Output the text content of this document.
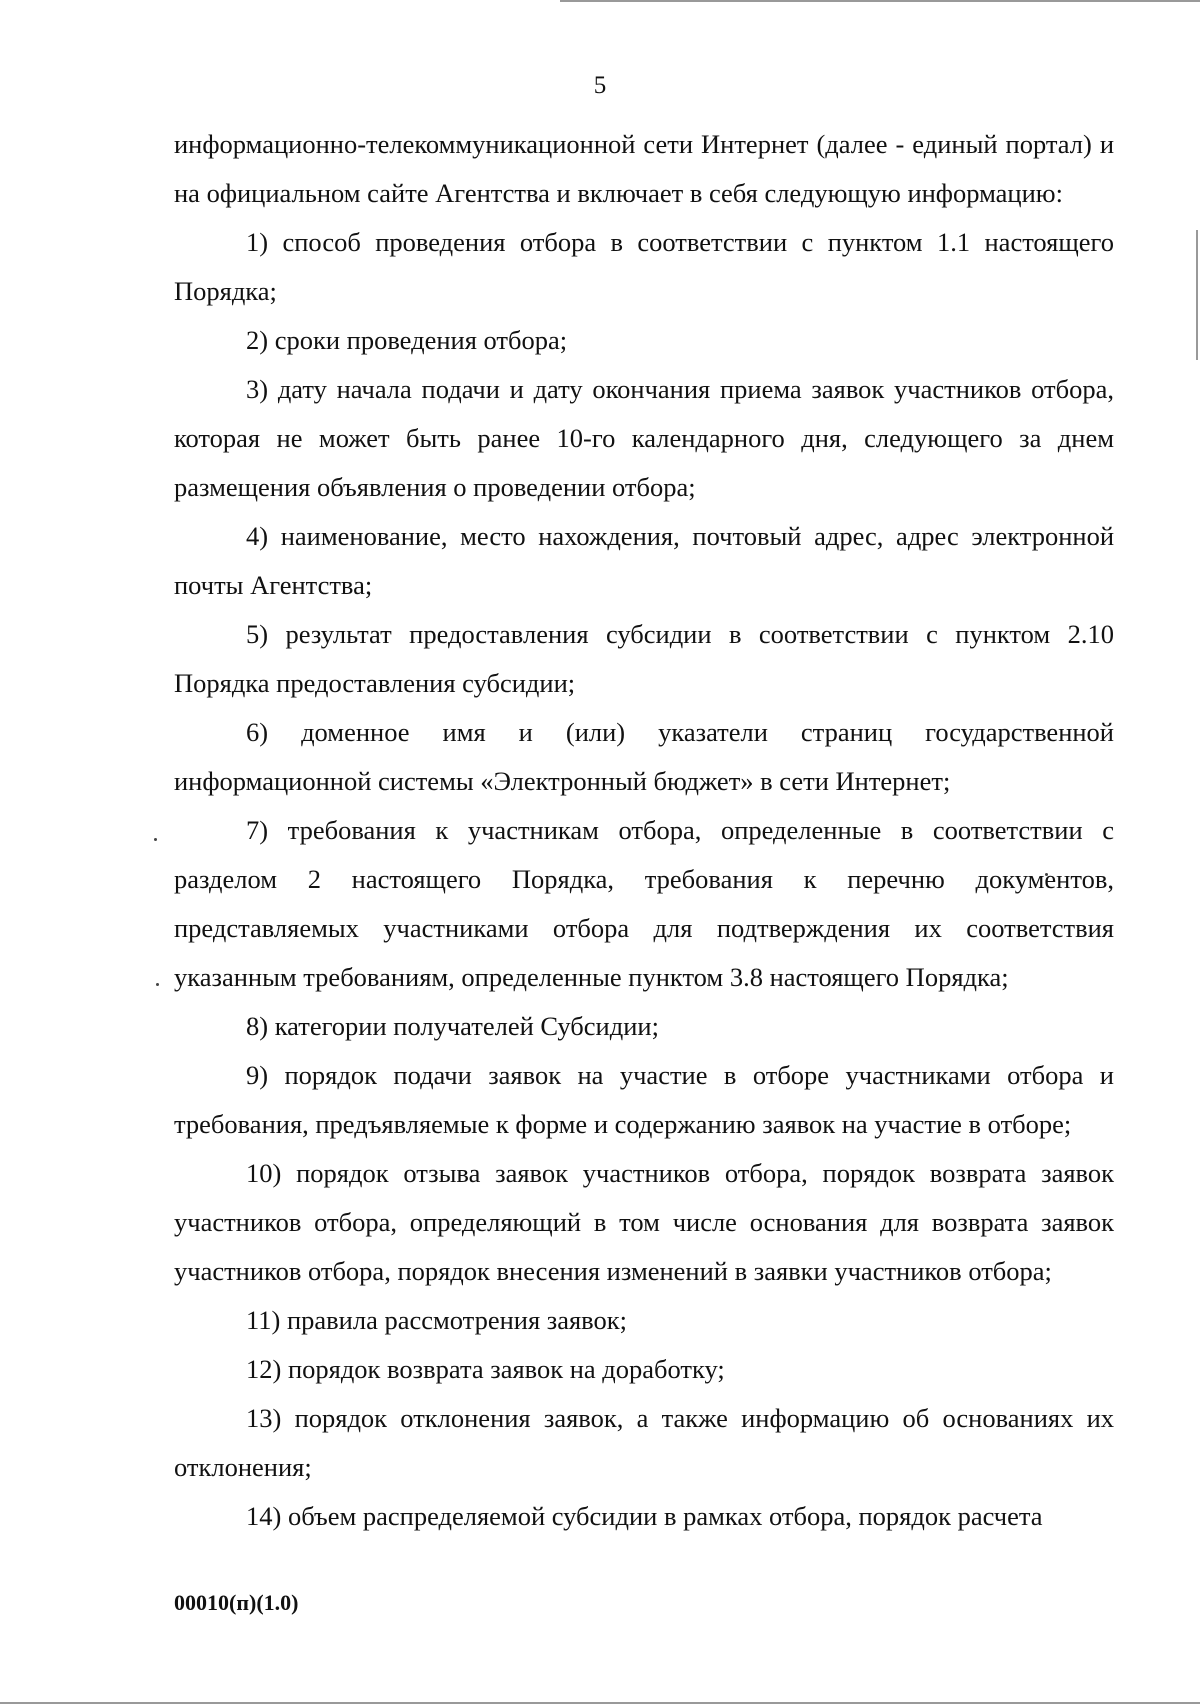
5

информационно-телекоммуникационной сети Интернет (далее - единый портал) и на официальном сайте Агентства и включает в себя следующую информацию:

1) способ проведения отбора в соответствии с пунктом 1.1 настоящего Порядка;

2) сроки проведения отбора;

3) дату начала подачи и дату окончания приема заявок участников отбора, которая не может быть ранее 10-го календарного дня, следующего за днем размещения объявления о проведении отбора;

4) наименование, место нахождения, почтовый адрес, адрес электронной почты Агентства;

5) результат предоставления субсидии в соответствии с пунктом 2.10 Порядка предоставления субсидии;

6) доменное имя и (или) указатели страниц государственной информационной системы «Электронный бюджет» в сети Интернет;

7) требования к участникам отбора, определенные в соответствии с разделом 2 настоящего Порядка, требования к перечню документов, представляемых участниками отбора для подтверждения их соответствия указанным требованиям, определенные пунктом 3.8 настоящего Порядка;

8) категории получателей Субсидии;

9) порядок подачи заявок на участие в отборе участниками отбора и требования, предъявляемые к форме и содержанию заявок на участие в отборе;

10) порядок отзыва заявок участников отбора, порядок возврата заявок участников отбора, определяющий в том числе основания для возврата заявок участников отбора, порядок внесения изменений в заявки участников отбора;

11) правила рассмотрения заявок;

12) порядок возврата заявок на доработку;

13) порядок отклонения заявок, а также информацию об основаниях их отклонения;

14) объем распределяемой субсидии в рамках отбора, порядок расчета

00010(п)(1.0)
